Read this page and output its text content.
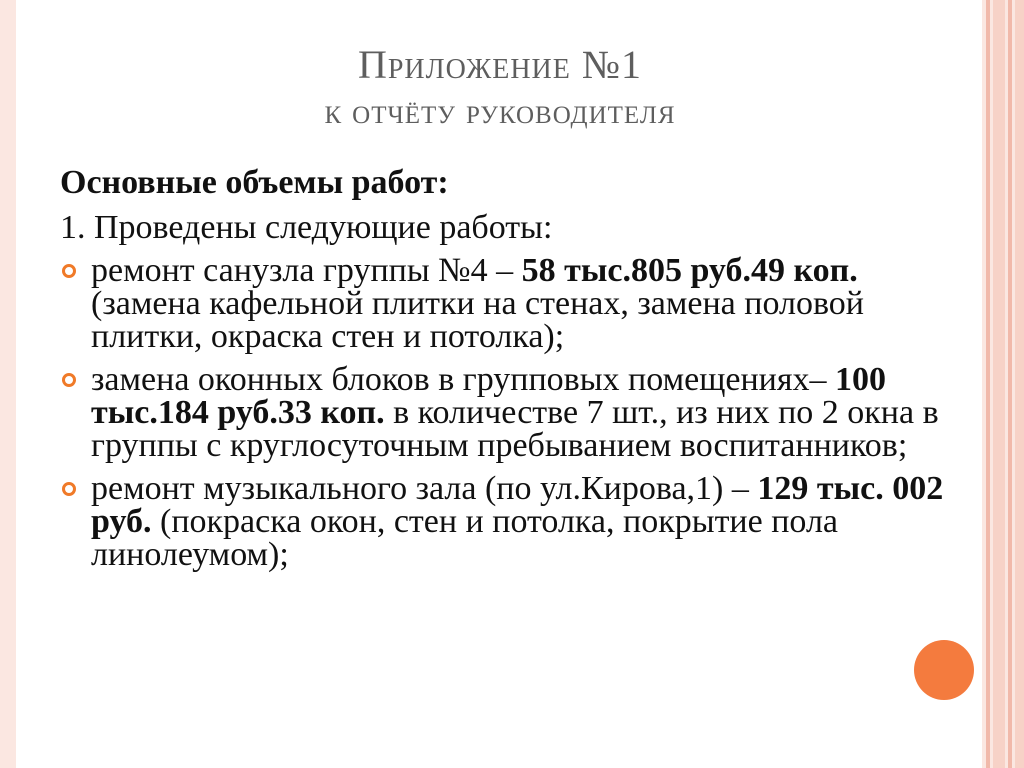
Приложение №1
к отчёту руководителя
Основные объемы работ:
1. Проведены следующие работы:
ремонт санузла группы №4 – 58 тыс.805 руб.49 коп.(замена кафельной плитки на стенах, замена половой плитки, окраска стен и потолка);
замена оконных блоков в групповых помещениях– 100 тыс.184 руб.33 коп. в количестве 7 шт., из них по 2 окна в группы с круглосуточным пребыванием воспитанников;
ремонт музыкального зала (по ул.Кирова,1) – 129 тыс. 002 руб. (покраска окон, стен и потолка, покрытие пола линолеумом);
